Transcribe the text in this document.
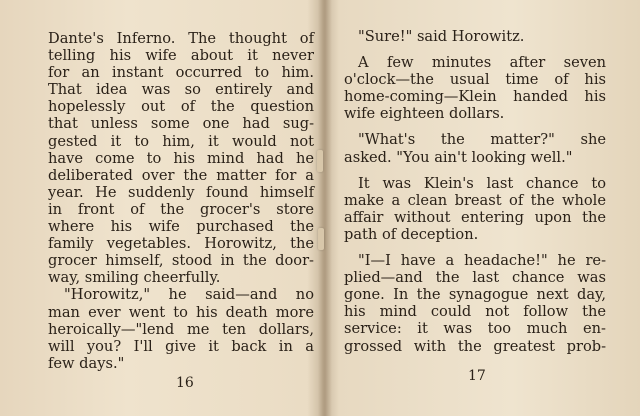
Dante's Inferno. The thought of
telling his wife about it never
for an instant occurred to him.
That idea was so entirely and
hopelessly out of the question
that unless some one had sug-
gested it to him, it would not
have come to his mind had he
deliberated over the matter for a
year. He suddenly found himself
in front of the grocer's store
where his wife purchased the
family vegetables. Horowitz, the
grocer himself, stood in the door-
way, smiling cheerfully.
"Horowitz," he said—and no
man ever went to his death more
heroically—"lend me ten dollars,
will you? I'll give it back in a
few days."
16
"Sure!" said Horowitz.
A few minutes after seven
o'clock—the usual time of his
home-coming—Klein handed his
wife eighteen dollars.
"What's the matter?" she
asked. "You ain't looking well."
It was Klein's last chance to
make a clean breast of the whole
affair without entering upon the
path of deception.
"I—I have a headache!" he re-
plied—and the last chance was
gone. In the synagogue next day,
his mind could not follow the
service: it was too much en-
grossed with the greatest prob-
17
